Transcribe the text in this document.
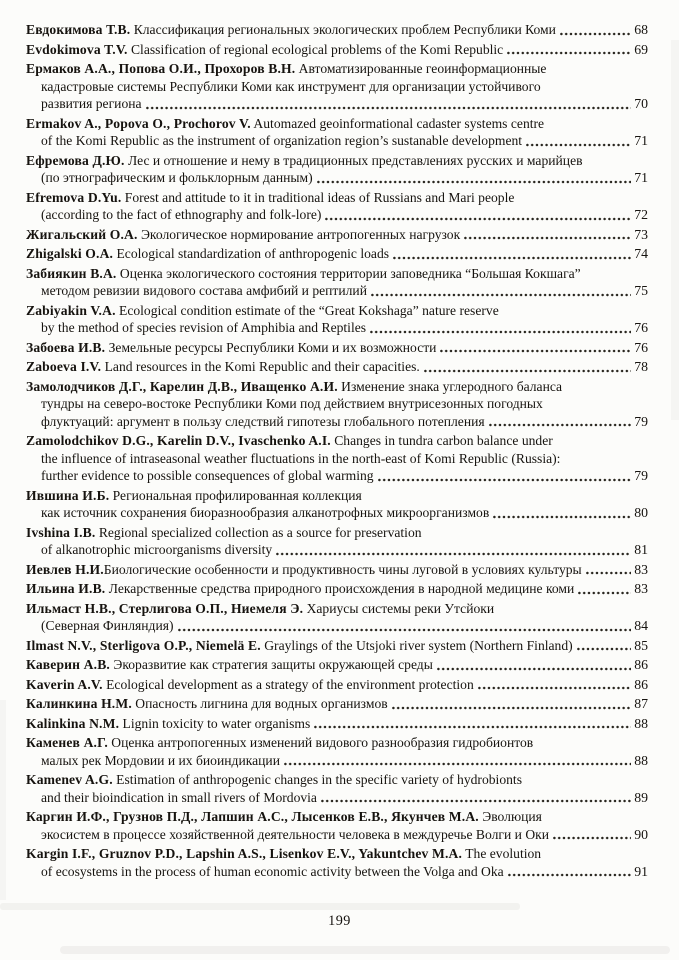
Евдокимова Т.В. Классификация региональных экологических проблем Республики Коми	68
Evdokimova T.V. Classification of regional ecological problems of the Komi Republic	69
Ермаков А.А., Попова О.И., Прохоров В.Н. Автоматизированные геоинформационные
кадастровые системы Республики Коми как инструмент для организации устойчивого
развития региона	70
Ermakov A., Popova O., Prochorov V. Automazed geoinformational cadaster systems centre
of the Komi Republic as the instrument of organization region’s sustanable development	71
Ефремова Д.Ю. Лес и отношение и нему в традиционных представлениях русских и марийцев
(по этнографическим и фольклорным данным)	71
Efremova D.Yu. Forest and attitude to it in traditional ideas of Russians and Mari people
(according to the fact of ethnography and folk-lore)	72
Жигальский О.А. Экологическое нормирование антропогенных нагрузок	73
Zhigalski O.A. Ecological standardization of anthropogenic loads	74
Забиякин В.А. Оценка экологического состояния территории заповедника “Большая Кокшага”
методом ревизии видового состава амфибий и рептилий	75
Zabiyakin V.A. Ecological condition estimate of the “Great Kokshaga” nature reserve
by the method of species revision of Amphibia and Reptiles	76
Забоева И.В. Земельные ресурсы Республики Коми и их возможности	76
Zaboeva I.V. Land resources in the Komi Republic and their capacities.	78
Замолодчиков Д.Г., Карелин Д.В., Иващенко А.И. Изменение знака углеродного баланса
тундры на северо-востоке Республики Коми под действием внутрисезонных погодных
флуктуаций: аргумент в пользу следствий гипотезы глобального потепления	79
Zamolodchikov D.G., Karelin D.V., Ivaschenko A.I. Changes in tundra carbon balance under
the influence of intraseasonal weather fluctuations in the north-east of Komi Republic (Russia):
further evidence to possible consequences of global warming	79
Ившина И.Б. Региональная профилированная коллекция
как источник сохранения биоразнообразия алканотрофных микроорганизмов	80
Ivshina I.B. Regional specialized collection as a source for preservation
of alkanotrophic microorganisms diversity	81
Иевлев Н.И. Биологические особенности и продуктивность чины луговой в условиях культуры	83
Ильина И.В. Лекарственные средства природного происхождения в народной медицине коми	83
Ильмаст Н.В., Стерлигова О.П., Ниемеля Э. Хариусы системы реки Утсйоки
(Северная Финляндия)	84
Ilmast N.V., Sterligova O.P., Niemelä E. Graylings of the Utsjoki river system (Northern Finland)	85
Каверин А.В. Экоразвитие как стратегия защиты окружающей среды	86
Kaverin A.V. Ecological development as a strategy of the environment protection	86
Калинкина Н.М. Опасность лигнина для водных организмов	87
Kalinkina N.M. Lignin toxicity to water organisms	88
Каменев А.Г. Оценка антропогенных изменений видового разнообразия гидробионтов
малых рек Мордовии и их биоиндикации	88
Kamenev A.G. Estimation of anthropogenic changes in the specific variety of hydrobionts
and their bioindication in small rivers of Mordovia	89
Каргин И.Ф., Грузнов П.Д., Лапшин А.С., Лысенков Е.В., Якунчев М.А. Эволюция
экосистем в процессе хозяйственной деятельности человека в междуречье Волги и Оки	90
Kargin I.F., Gruznov P.D., Lapshin A.S., Lisenkov E.V., Yakuntchev M.A. The evolution
of ecosystems in the process of human economic activity between the Volga and Oka	91
199
